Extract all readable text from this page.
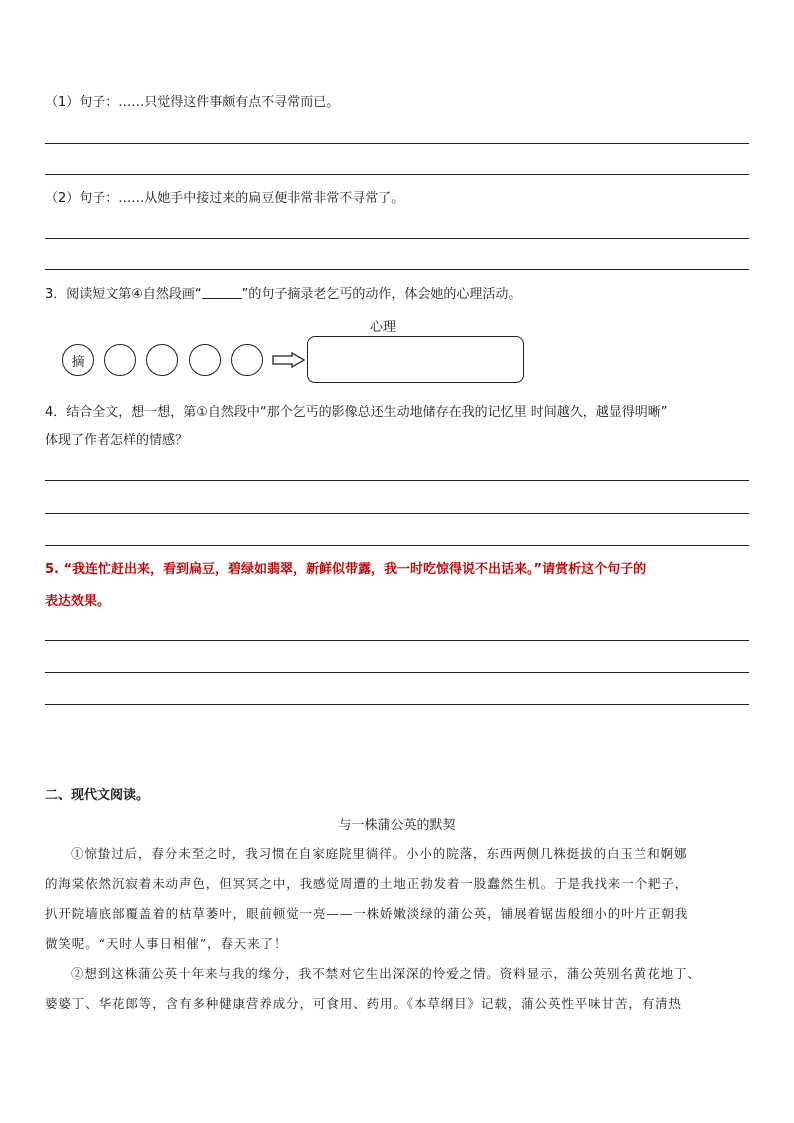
（1）句子：……只觉得这件事颇有点不寻常而已。
（2）句子：……从她手中接过来的扁豆便非常非常不寻常了。
3．阅读短文第④自然段画“	”的句子摘录老乞丐的动作，体会她的心理活动。
心理
摘
4．结合全文，想一想，第①自然段中“那个乞丐的影像总还生动地储存在我的记忆里 时间越久，越显得明晰”
体现了作者怎样的情感？
5. “我连忙赶出来，看到扁豆，碧绿如翡翠，新鲜似带露，我一时吃惊得说不出话来。”请赏析这个句子的
表达效果。
二、现代文阅读。
与一株蒲公英的默契
①惊蛰过后，春分未至之时，我习惯在自家庭院里徜徉。小小的院落，东西两侧几株挺拔的白玉兰和婀娜
的海棠依然沉寂着未动声色，但冥冥之中，我感觉周遭的土地正勃发着一股蠢然生机。于是我找来一个耙子，
扒开院墙底部覆盖着的枯草萎叶，眼前顿觉一亮——一株娇嫩淡绿的蒲公英，铺展着锯齿般细小的叶片正朝我
微笑呢。“天时人事日相催”，春天来了！
②想到这株蒲公英十年来与我的缘分，我不禁对它生出深深的怜爱之情。资料显示，蒲公英别名黄花地丁、
婆婆丁、华花郎等，含有多种健康营养成分，可食用、药用。《本草纲目》记载，蒲公英性平味甘苦，有清热
